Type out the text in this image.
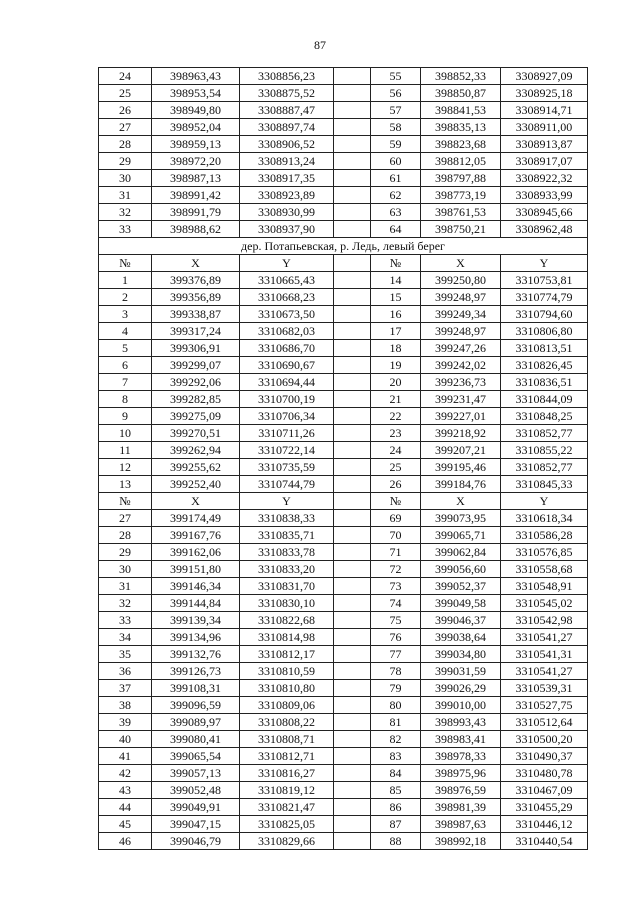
87
24	398963,43	3308856,23		55	398852,33	3308927,09
25	398953,54	3308875,52		56	398850,87	3308925,18
26	398949,80	3308887,47		57	398841,53	3308914,71
27	398952,04	3308897,74		58	398835,13	3308911,00
28	398959,13	3308906,52		59	398823,68	3308913,87
29	398972,20	3308913,24		60	398812,05	3308917,07
30	398987,13	3308917,35		61	398797,88	3308922,32
31	398991,42	3308923,89		62	398773,19	3308933,99
32	398991,79	3308930,99		63	398761,53	3308945,66
33	398988,62	3308937,90		64	398750,21	3308962,48
дер. Потапьевская, р. Ледь, левый берег						
№	X	Y		№	X	Y
1	399376,89	3310665,43		14	399250,80	3310753,81
2	399356,89	3310668,23		15	399248,97	3310774,79
3	399338,87	3310673,50		16	399249,34	3310794,60
4	399317,24	3310682,03		17	399248,97	3310806,80
5	399306,91	3310686,70		18	399247,26	3310813,51
6	399299,07	3310690,67		19	399242,02	3310826,45
7	399292,06	3310694,44		20	399236,73	3310836,51
8	399282,85	3310700,19		21	399231,47	3310844,09
9	399275,09	3310706,34		22	399227,01	3310848,25
10	399270,51	3310711,26		23	399218,92	3310852,77
11	399262,94	3310722,14		24	399207,21	3310855,22
12	399255,62	3310735,59		25	399195,46	3310852,77
13	399252,40	3310744,79		26	399184,76	3310845,33
№	X	Y		№	X	Y
27	399174,49	3310838,33		69	399073,95	3310618,34
28	399167,76	3310835,71		70	399065,71	3310586,28
29	399162,06	3310833,78		71	399062,84	3310576,85
30	399151,80	3310833,20		72	399056,60	3310558,68
31	399146,34	3310831,70		73	399052,37	3310548,91
32	399144,84	3310830,10		74	399049,58	3310545,02
33	399139,34	3310822,68		75	399046,37	3310542,98
34	399134,96	3310814,98		76	399038,64	3310541,27
35	399132,76	3310812,17		77	399034,80	3310541,31
36	399126,73	3310810,59		78	399031,59	3310541,27
37	399108,31	3310810,80		79	399026,29	3310539,31
38	399096,59	3310809,06		80	399010,00	3310527,75
39	399089,97	3310808,22		81	398993,43	3310512,64
40	399080,41	3310808,71		82	398983,41	3310500,20
41	399065,54	3310812,71		83	398978,33	3310490,37
42	399057,13	3310816,27		84	398975,96	3310480,78
43	399052,48	3310819,12		85	398976,59	3310467,09
44	399049,91	3310821,47		86	398981,39	3310455,29
45	399047,15	3310825,05		87	398987,63	3310446,12
46	399046,79	3310829,66		88	398992,18	3310440,54
